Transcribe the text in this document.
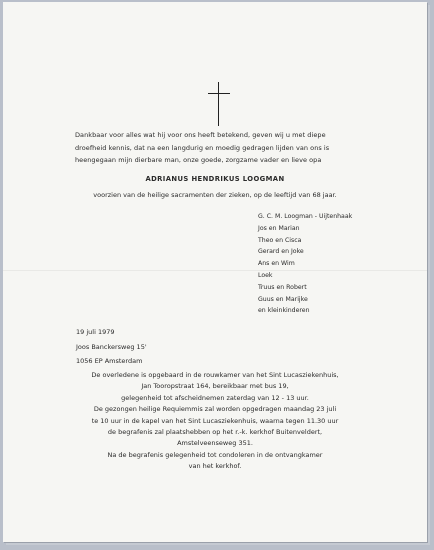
Dankbaar voor alles wat hij voor ons heeft betekend, geven wij u met diepe
droefheid kennis, dat na een langdurig en moedig gedragen lijden van ons is
heengegaan mijn dierbare man, onze goede, zorgzame vader en lieve opa

ADRIANUS HENDRIKUS LOOGMAN
voorzien van de heilige sacramenten der zieken, op de leeftijd van 68 jaar.
G. C. M. Loogman - Uijtenhaak
Jos en Marian
Theo en Cisca
Gerard en Joke
Ans en Wim
Loek
Truus en Robert
Guus en Marijke
en kleinkinderen
19 juli 1979
Joos Banckersweg 15'
1056 EP Amsterdam
De overledene is opgebaard in de rouwkamer van het Sint Lucasziekenhuis,
Jan Tooropstraat 164, bereikbaar met bus 19,
gelegenheid tot afscheidnemen zaterdag van 12 - 13 uur.
De gezongen heilige Requiemmis zal worden opgedragen maandag 23 juli
te 10 uur in de kapel van het Sint Lucasziekenhuis, waarna tegen 11.30 uur
de begrafenis zal plaatshebben op het r.-k. kerkhof Buitenveldert,
Amstelveenseweg 351.
Na de begrafenis gelegenheid tot condoleren in de ontvangkamer
van het kerkhof.
